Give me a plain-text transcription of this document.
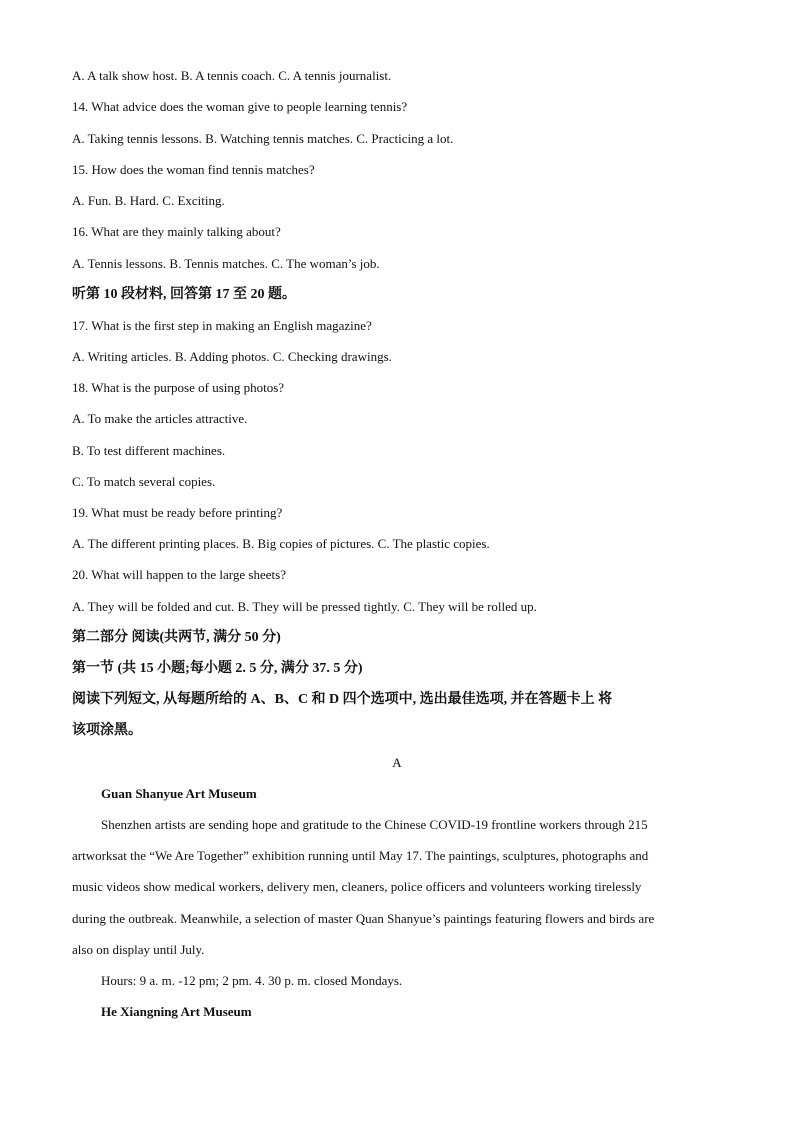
A. A talk show host. B. A tennis coach. C. A tennis journalist.
14. What advice does the woman give to people learning tennis?
A. Taking tennis lessons. B. Watching tennis matches. C. Practicing a lot.
15. How does the woman find tennis matches?
A. Fun. B. Hard. C. Exciting.
16. What are they mainly talking about?
A. Tennis lessons. B. Tennis matches. C. The woman’s job.
听第 10 段材料, 回答第 17 至 20 题。
17. What is the first step in making an English magazine?
A. Writing articles. B. Adding photos. C. Checking drawings.
18. What is the purpose of using photos?
A. To make the articles attractive.
B. To test different machines.
C. To match several copies.
19. What must be ready before printing?
A. The different printing places. B. Big copies of pictures. C. The plastic copies.
20. What will happen to the large sheets?
A. They will be folded and cut. B. They will be pressed tightly. C. They will be rolled up.
第二部分 阅读(共两节, 满分 50 分)
第一节 (共 15 小题;每小题 2. 5 分, 满分 37. 5 分)
阅读下列短文, 从每题所给的 A、B、C 和 D 四个选项中, 选出最佳选项, 并在答题卡上 将
该项涂黑。
A
Guan Shanyue Art Museum
Shenzhen artists are sending hope and gratitude to the Chinese COVID-19 frontline workers through 215
artworksat the “We Are Together” exhibition running until May 17. The paintings, sculptures, photographs and
music videos show medical workers, delivery men, cleaners, police officers and volunteers working tirelessly
during the outbreak. Meanwhile, a selection of master Quan Shanyue’s paintings featuring flowers and birds are
also on display until July.
Hours: 9 a. m. -12 pm; 2 pm. 4. 30 p. m. closed Mondays.
He Xiangning Art Museum
